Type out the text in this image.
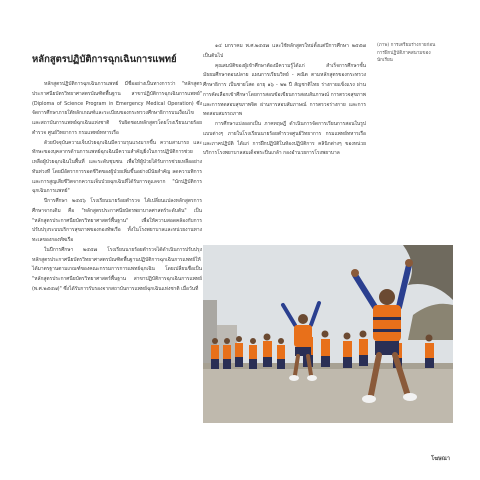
หลักสูตรปฏิบัติการฉุกเฉินการแพทย์

หลักสูตรปฏิบัติการฉุกเฉินการแพทย์ มีชื่ออย่างเป็นทางการว่า "หลักสูตรประกาศนียบัตรวิทยาศาสตรบัณฑิตพื้นฐาน สาขาปฏิบัติการฉุกเฉินการแพทย์" (Diploma of Science Program in Emergency Medical Operation) ซึ่งจัดการศึกษาภายใต้หลักเกณฑ์และระเบียบของกระทรวงศึกษาธิการบนเงื่อนไขและสถาบันการแพทย์ฉุกเฉินแห่งชาติ รับผิดชอบหลักสูตรโดยโรงเรียนนายร้อยตำรวจ ศูนย์วิทยาการ กรมแพทย์ทหารเรือ

ด้วยปัจจุบันความเจ็บป่วยฉุกเฉินมีความรุนแรงมากขึ้น ความสามารถ และทักษะของบุคลากรด้านการแพทย์ฉุกเฉินมีความสำคัญยิ่งในการปฏิบัติการช่วยเหลือผู้ป่วยฉุกเฉินในพื้นที่ และระดับชุมชน เพื่อให้ผู้ป่วยได้รับการช่วยเหลืออย่างทันท่วงที โดยมีอัตราการรอดชีวิตของผู้ป่วยเพิ่มขึ้นอย่างมีนัยสำคัญ ลดความพิการและการสูญเสียชีวิตจากความเจ็บป่วยฉุกเฉินที่ได้รับการดูแลจาก "นักปฏิบัติการฉุกเฉินการแพทย์"

ปีการศึกษา ๒๕๕๖ โรงเรียนนายร้อยตำรวจ ได้เปลี่ยนแปลงหลักสูตรการศึกษาจากเดิม คือ "หลักสูตรประกาศนียบัตรพยาบาลศาสตร์ระดับต้น" เป็น "หลักสูตรประกาศนียบัตรวิทยาศาสตร์พื้นฐาน" เพื่อให้ความสอดคล้องกับการปรับปรุงระบบบริการสุขภาพของกองทัพเรือ ทั้งในโรงพยาบาลและหน่วยงานทางทะเลของกองทัพเรือ

ในปีการศึกษา ๒๕๕๗ โรงเรียนนายร้อยตำรวจได้ดำเนินการปรับปรุงหลักสูตรประกาศนียบัตรวิทยาศาสตรบัณฑิตพื้นฐานปฏิบัติการฉุกเฉินการแพทย์ให้ได้มาตรฐานตามเกณฑ์ของคณะกรรมการการแพทย์ฉุกเฉิน โดยเปลี่ยนชื่อเป็น "หลักสูตรประกาศนียบัตรวิทยาศาสตร์พื้นฐาน สาขาปฏิบัติการฉุกเฉินการแพทย์ (พ.ศ.๒๕๕๗)" ซึ่งได้รับการรับรองจากสถาบันการแพทย์ฉุกเฉินแห่งชาติ เมื่อวันที่

๑๔ มกราคม พ.ศ.๒๕๕๗ และใช้หลักสูตรใหม่ตั้งแต่ปีการศึกษา ๒๕๕๗ เป็นต้นไป

คุณสมบัติของผู้เข้าศึกษาต้องมีความรู้ได้แก่ สำเร็จการศึกษาชั้นมัธยมศึกษาตอนปลาย แผนการเรียนวิทย์ - คณิต ตามหลักสูตรของกระทรวงศึกษาธิการ เป็นชายโสด อายุ ๑๖ - ๒๒ ปี สัญชาติไทย ร่างกายแข็งแรง ผ่านการคัดเลือกเข้าศึกษาโดยการสอบข้อเขียนการสอบสัมภาษณ์ การตรวจสุขภาพ และการทดสอบสุขภาพจิต ผ่านการสอบสัมภาษณ์ การตรวจร่างกาย และการทดสอบสมรรถภาพ

การศึกษาแบ่งออกเป็น ภาคทฤษฎี ดำเนินการจัดการเรียนการสอนในรูปแบบต่างๆ ภายในโรงเรียนนายร้อยตำรวจศูนย์วิทยาการ กรมแพทย์ทหารเรือ และภาคปฏิบัติ ได้แก่ การฝึกปฏิบัติในห้องปฏิบัติการ คลินิกต่างๆ ของหน่วยบริการโรงพยาบาลสมเด็จพระปิ่นเกล้า กองอำนวยการโรงพยาบาล

(ภาพ) การเตรียมร่างกายก่อนการฝึกปฏิบัติภาคสนามของนักเรียน
โฆษณา
